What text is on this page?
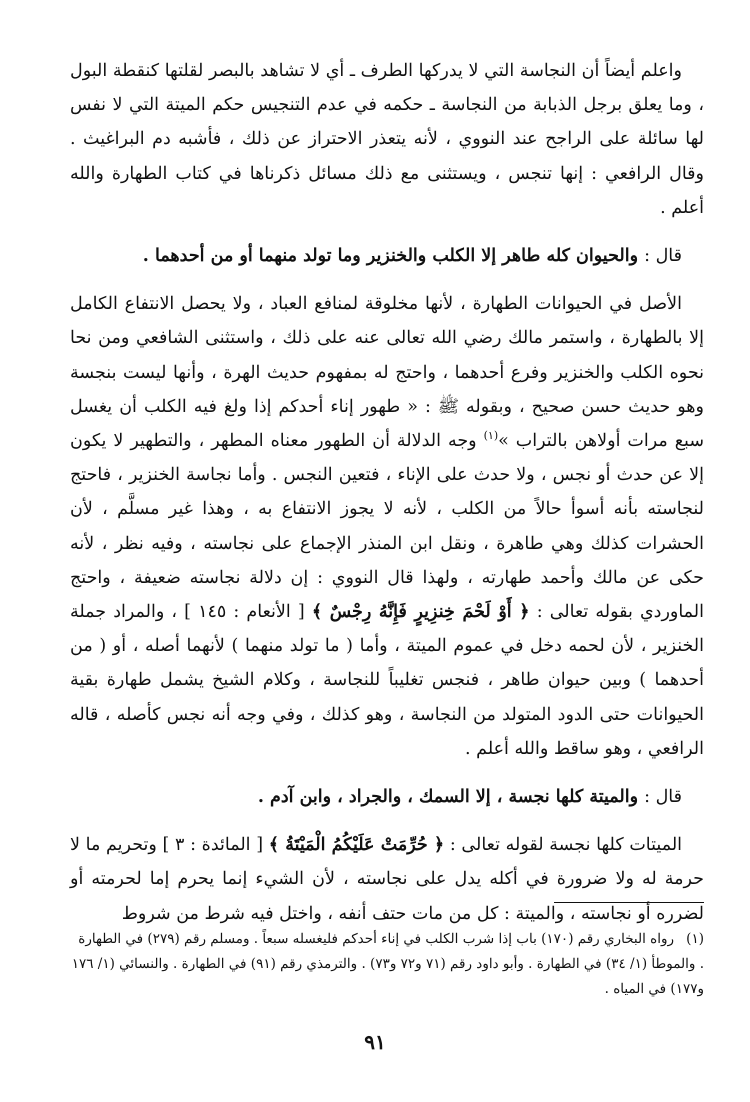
واعلم أيضاً أن النجاسة التي لا يدركها الطرف ـ أي لا تشاهد بالبصر لقلتها كنقطة البول ، وما يعلق برجل الذبابة من النجاسة ـ حكمه في عدم التنجيس حكم الميتة التي لا نفس لها سائلة على الراجح عند النووي ، لأنه يتعذر الاحتراز عن ذلك ، فأشبه دم البراغيث . وقال الرافعي : إنها تنجس ، ويستثنى مع ذلك مسائل ذكرناها في كتاب الطهارة والله أعلم .

قال : والحيوان كله طاهر إلا الكلب والخنزير وما تولد منهما أو من أحدهما .

الأصل في الحيوانات الطهارة ، لأنها مخلوقة لمنافع العباد ، ولا يحصل الانتفاع الكامل إلا بالطهارة ، واستمر مالك رضي الله تعالى عنه على ذلك ، واستثنى الشافعي ومن نحا نحوه الكلب والخنزير وفرع أحدهما ، واحتج له بمفهوم حديث الهرة ، وأنها ليست بنجسة وهو حديث حسن صحيح ، وبقوله ﷺ : « طهور إناء أحدكم إذا ولغ فيه الكلب أن يغسل سبع مرات أولاهن بالتراب »$^{(١)}$ وجه الدلالة أن الطهور معناه المطهر ، والتطهير لا يكون إلا عن حدث أو نجس ، ولا حدث على الإناء ، فتعين النجس . وأما نجاسة الخنزير ، فاحتج لنجاسته بأنه أسوأ حالاً من الكلب ، لأنه لا يجوز الانتفاع به ، وهذا غير مسلَّم ، لأن الحشرات كذلك وهي طاهرة ، ونقل ابن المنذر الإجماع على نجاسته ، وفيه نظر ، لأنه حكى عن مالك وأحمد طهارته ، ولهذا قال النووي : إن دلالة نجاسته ضعيفة ، واحتج الماوردي بقوله تعالى : ﴿ أَوْ لَحْمَ خِنزِيرٍ فَإِنَّهُ رِجْسٌ ﴾ [ الأنعام : ١٤٥ ] ، والمراد جملة الخنزير ، لأن لحمه دخل في عموم الميتة ، وأما ( ما تولد منهما ) لأنهما أصله ، أو ( من أحدهما ) وبين حيوان طاهر ، فنجس تغليباً للنجاسة ، وكلام الشيخ يشمل طهارة بقية الحيوانات حتى الدود المتولد من النجاسة ، وهو كذلك ، وفي وجه أنه نجس كأصله ، قاله الرافعي ، وهو ساقط والله أعلم .

قال : والميتة كلها نجسة ، إلا السمك ، والجراد ، وابن آدم .

الميتات كلها نجسة لقوله تعالى : ﴿ حُرِّمَتْ عَلَيْكُمُ الْمَيْتَةُ ﴾ [ المائدة : ٣ ] وتحريم ما لا حرمة له ولا ضرورة في أكله يدل على نجاسته ، لأن الشيء إنما يحرم إما لحرمته أو لضرره أو نجاسته ، والميتة : كل من مات حتف أنفه ، واختل فيه شرط من شروط

(١)رواه البخاري رقم (١٧٠) باب إذا شرب الكلب في إناء أحدكم فليغسله سبعاً . ومسلم رقم (٢٧٩) في الطهارة . والموطأ (١/ ٣٤) في الطهارة . وأبو داود رقم (٧١ و٧٢ و٧٣) . والترمذي رقم (٩١) في الطهارة . والنسائي (١/ ١٧٦ و١٧٧) في المياه .
٩١
